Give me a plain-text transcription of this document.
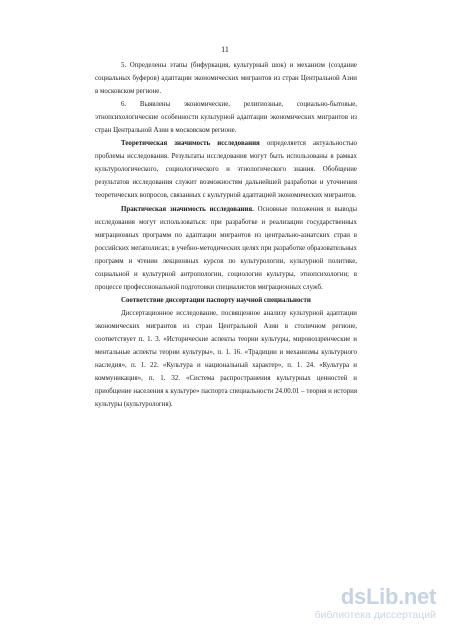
11

5. Определены этапы (бифуркация, культурный шок) и механизм (создание социальных буферов) адаптации экономических мигрантов из стран Центральной Азии в московском регионе.

6. Выявлены экономические, религиозные, социально-бытовые, этнопсихологические особенности культурной адаптации экономических мигрантов из стран Центральной Азии в московском регионе.

Теоретическая значимость исследования определяется актуальностью проблемы исследования. Результаты исследования могут быть использованы в рамках культурологического, социологического и этнологического знания. Обобщение результатов исследования служит возможностям дальнейшей разработки и уточнения теоретических вопросов, связанных с культурной адаптацией экономических мигрантов.

Практическая значимость исследования. Основные положения и выводы исследования могут использоваться: при разработке и реализации государственных миграционных программ по адаптации мигрантов из центрально-азиатских стран в российских мегаполисах; в учебно-методических целях при разработке образовательных программ и чтении лекционных курсов по культурологии, культурной политике, социальной и культурной антропологии, социологии культуры, этнопсихологии; в процессе профессиональной подготовки специалистов миграционных служб.

Соответствие диссертации паспорту научной специальности

Диссертационное исследование, посвященное анализу культурной адаптации экономических мигрантов из стран Центральной Азии в столичном регионе, соответствует п. 1. 3. «Исторические аспекты теории культуры, мировоззренческие и ментальные аспекты теории культуры», п. 1. 16. «Традиции и механизмы культурного наследия», п. 1. 22. «Культура и национальный характер», п. 1. 24. «Культура и коммуникация», п. 1. 32. «Система распространения культурных ценностей и приобщение населения к культуре» паспорта специальности 24.00.01 – теория и история культуры (культурология).

dsLib.net
библиотека диссертаций
